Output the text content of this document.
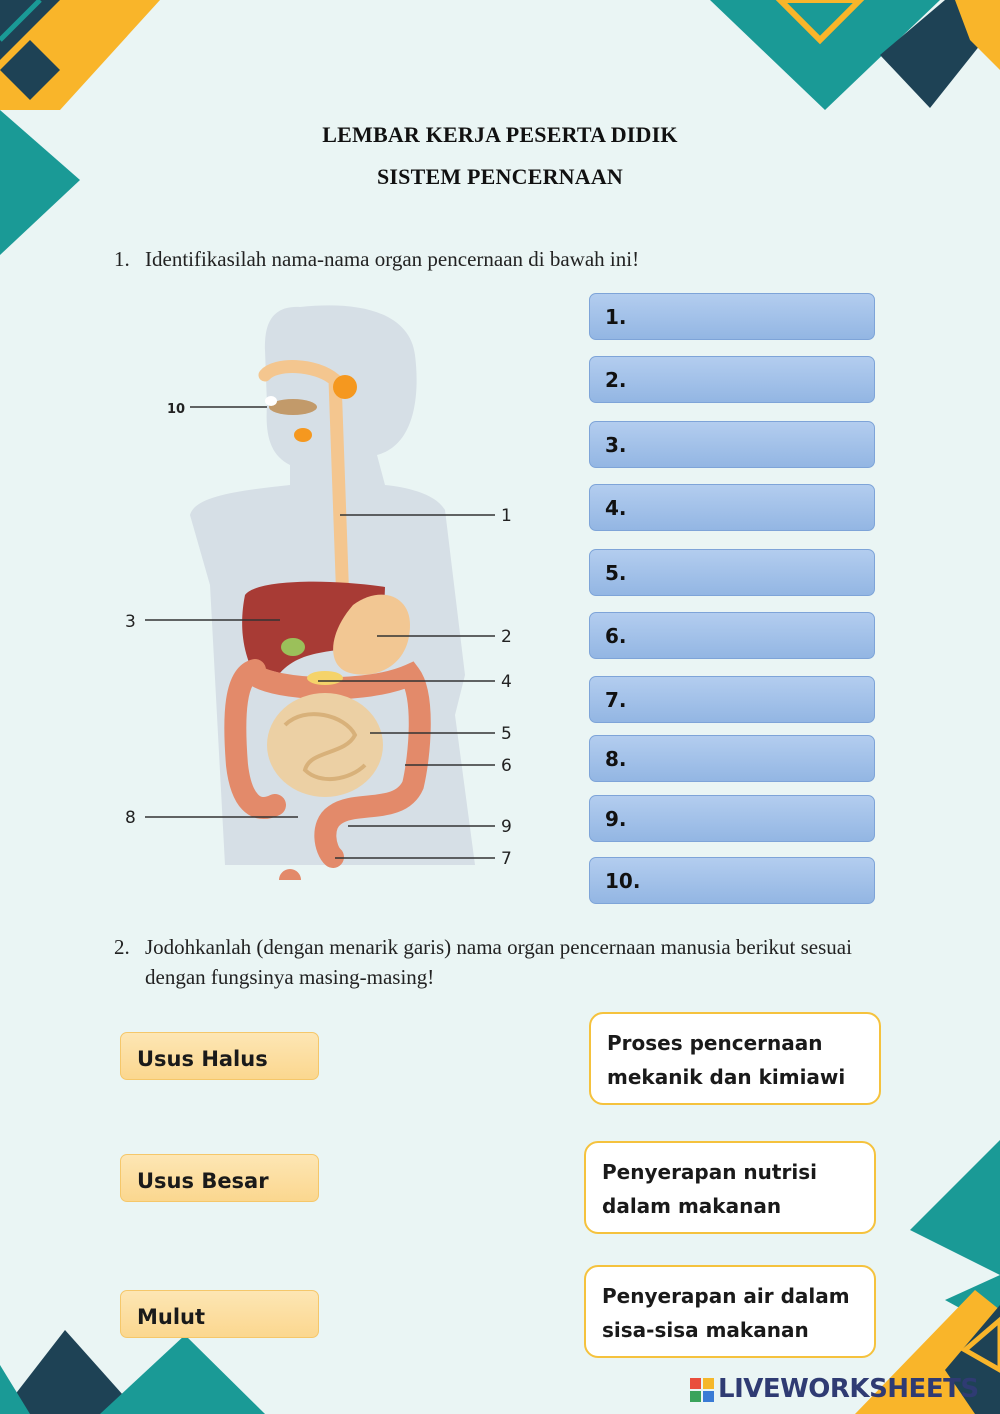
LEMBAR KERJA PESERTA DIDIK
SISTEM PENCERNAAN
1. Identifikasilah nama-nama organ pencernaan di bawah ini!
1
2
3
4
5
6
7
8	9
10
1.
2.
3.
4.
5.
6.
7.
8.
9.
10.
2. Jodohkanlah (dengan menarik garis) nama organ pencernaan manusia berikut sesuai dengan fungsinya masing-masing!
Usus Halus
Usus Besar
Mulut
Proses pencernaan mekanik dan kimiawi
Penyerapan nutrisi dalam makanan
Penyerapan air dalam sisa-sisa makanan
LIVEWORKSHEETS
